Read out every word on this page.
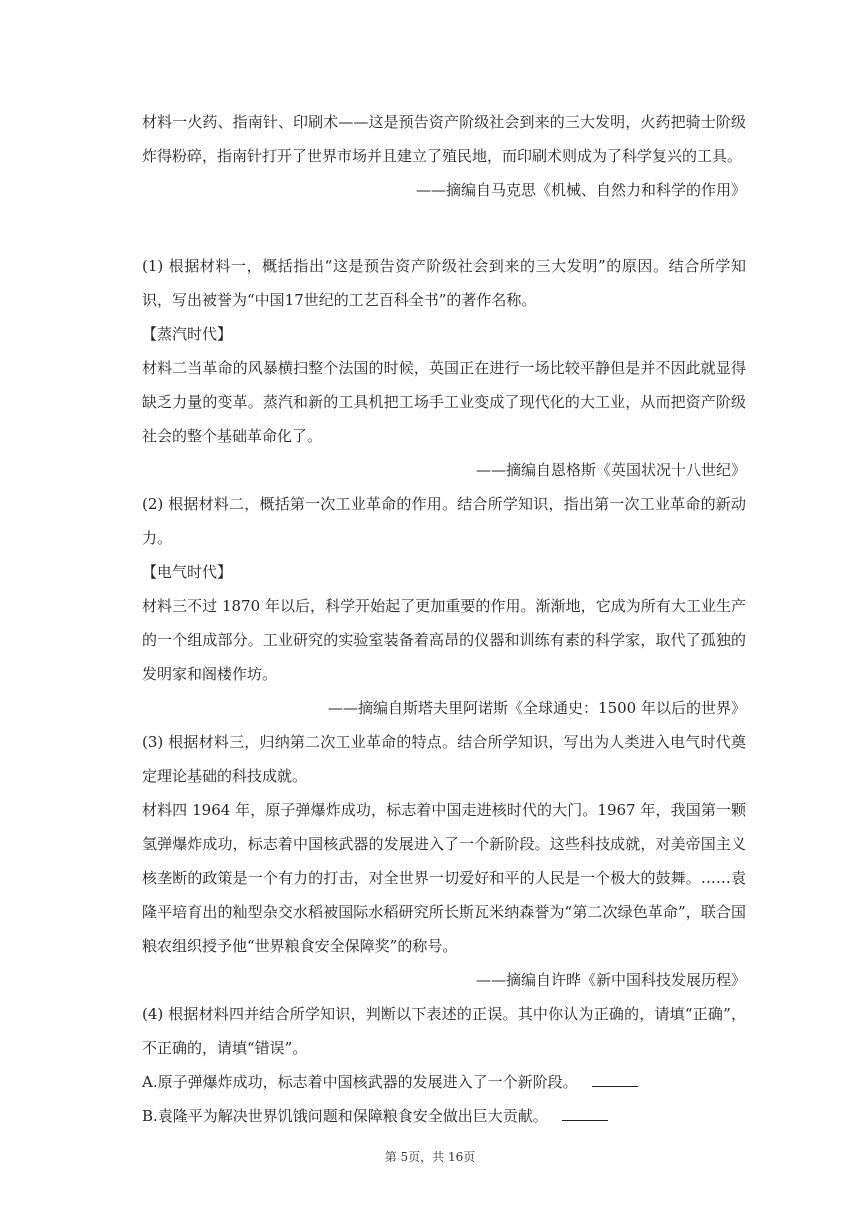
材料一火药、指南针、印刷术——这是预告资产阶级社会到来的三大发明，火药把骑士阶级炸得粉碎，指南针打开了世界市场并且建立了殖民地，而印刷术则成为了科学复兴的工具。

——摘编自马克思《机械、自然力和科学的作用》

(1) 根据材料一，概括指出“这是预告资产阶级社会到来的三大发明”的原因。结合所学知识，写出被誉为“中国17世纪的工艺百科全书”的著作名称。

【蒸汽时代】

材料二当革命的风暴横扫整个法国的时候，英国正在进行一场比较平静但是并不因此就显得缺乏力量的变革。蒸汽和新的工具机把工场手工业变成了现代化的大工业，从而把资产阶级社会的整个基础革命化了。

——摘编自恩格斯《英国状况十八世纪》

(2) 根据材料二，概括第一次工业革命的作用。结合所学知识，指出第一次工业革命的新动力。

【电气时代】

材料三不过 1870 年以后，科学开始起了更加重要的作用。渐渐地，它成为所有大工业生产的一个组成部分。工业研究的实验室装备着高昂的仪器和训练有素的科学家，取代了孤独的发明家和阁楼作坊。

——摘编自斯塔夫里阿诺斯《全球通史：1500 年以后的世界》

(3) 根据材料三，归纳第二次工业革命的特点。结合所学知识，写出为人类进入电气时代奠定理论基础的科技成就。

材料四 1964 年，原子弹爆炸成功，标志着中国走进核时代的大门。1967 年，我国第一颗氢弹爆炸成功，标志着中国核武器的发展进入了一个新阶段。这些科技成就，对美帝国主义核垄断的政策是一个有力的打击，对全世界一切爱好和平的人民是一个极大的鼓舞。……袁隆平培育出的籼型杂交水稻被国际水稻研究所长斯瓦米纳森誉为“第二次绿色革命”，联合国粮农组织授予他“世界粮食安全保障奖”的称号。

——摘编自许晔《新中国科技发展历程》

(4) 根据材料四并结合所学知识，判断以下表述的正误。其中你认为正确的，请填“正确”，不正确的，请填“错误”。

A.原子弹爆炸成功，标志着中国核武器的发展进入了一个新阶段。

B.袁隆平为解决世界饥饿问题和保障粮食安全做出巨大贡献。

第 5页，共 16页
